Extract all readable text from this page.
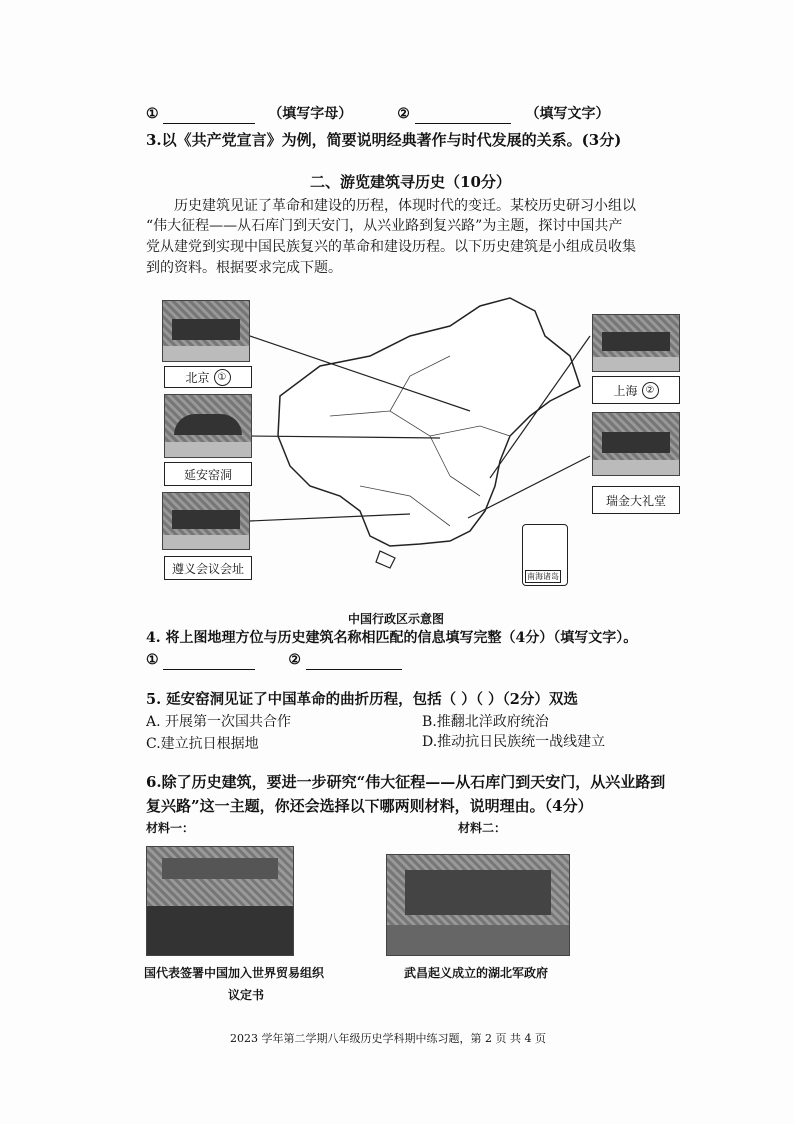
①	（填写字母）	②	（填写文字）
3.以《共产党宣言》为例，简要说明经典著作与时代发展的关系。(3分)
二、游览建筑寻历史（10分）
历史建筑见证了革命和建设的历程，体现时代的变迁。某校历史研习小组以
“伟大征程——从石库门到天安门，从兴业路到复兴路”为主题，探讨中国共产
党从建党到实现中国民族复兴的革命和建设历程。以下历史建筑是小组成员收集
到的资料。根据要求完成下题。
北京 ①
延安窑洞
遵义会议会址
上海 ②
瑞金大礼堂
南海诸岛
中国行政区示意图
4. 将上图地理方位与历史建筑名称相匹配的信息填写完整（4分）（填写文字）。
①	②
5. 延安窑洞见证了中国革命的曲折历程，包括（ ）（ ）（2分）双选
A. 开展第一次国共合作	B.推翻北洋政府统治
C.建立抗日根据地	D.推动抗日民族统一战线建立
6.除了历史建筑，要进一步研究“伟大征程——从石库门到天安门，从兴业路到
复兴路”这一主题，你还会选择以下哪两则材料，说明理由。（4分）
材料一：	材料二：
国代表签署中国加入世界贸易组织
议定书
武昌起义成立的湖北军政府
2023 学年第二学期八年级历史学科期中练习题，第 2 页 共 4 页
